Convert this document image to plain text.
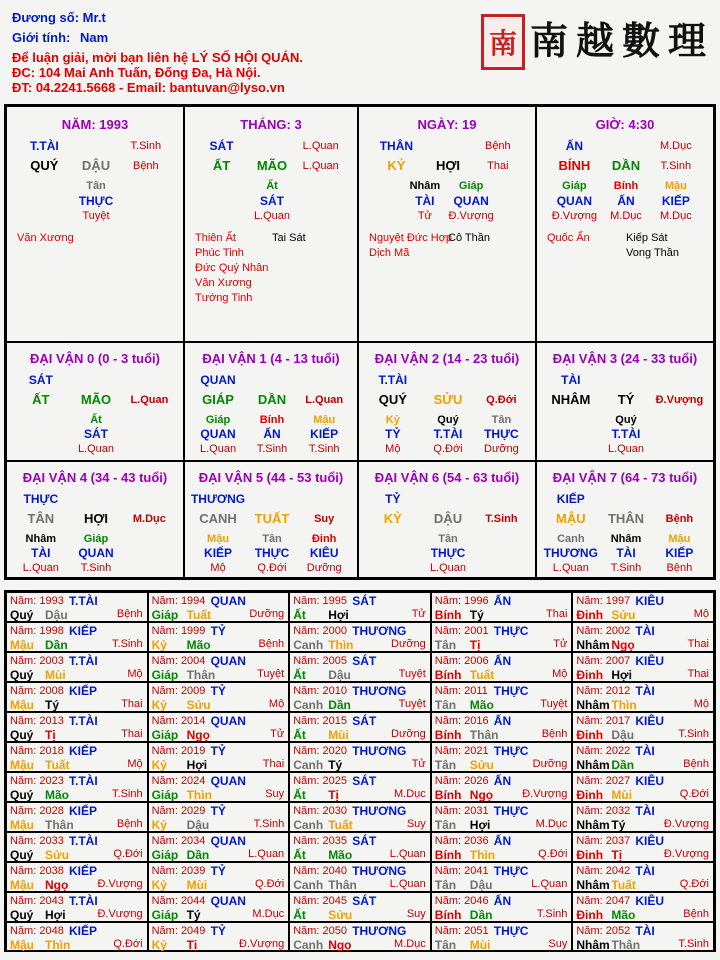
Đương số: Mr.t
Giới tính: Nam
Để luận giải, mời bạn liên hệ LÝ SỐ HỘI QUÁN.
ĐC: 104 Mai Anh Tuấn, Đống Đa, Hà Nội.
ĐT: 04.2241.5668 - Email: bantuvan@lyso.vn
南 南越數理
NĂM: 1993
T.TÀI	T.Sinh
QUÝ DẬU Bệnh
Tân
THỰC
Tuyệt
Văn Xương
THÁNG: 3
SÁT	L.Quan
ẤT MÃO L.Quan
Ất
SÁT
L.Quan
Thiên Ất
Phúc Tinh
Đức Quý Nhân
Văn Xương
Tướng Tinh
Tai Sát
NGÀY: 19
THÂN	Bệnh
KỶ HỢI Thai
Nhâm
TÀI
Tử
Giáp
QUAN
Đ.Vượng
Nguyệt Đức Hợp
Dịch Mã
Cô Thần
GIỜ: 4:30
ẤN	M.Dục
BÍNH DẦN T.Sinh
Giáp
QUAN
Đ.Vượng
Bính
ẤN
M.Dục
Mậu
KIẾP
M.Dục
Quốc Ấn	Kiếp Sát
Vong Thần
ĐẠI VẬN 0 (0 - 3 tuổi)
SÁT
ẤT MÃO L.Quan
Ất
SÁT
L.Quan
ĐẠI VẬN 1 (4 - 13 tuổi)
QUAN
GIÁP DẦN L.Quan
Giáp
QUAN
L.Quan
Bính
ẤN
T.Sinh
Mậu
KIẾP
T.Sinh
ĐẠI VẬN 2 (14 - 23 tuổi)
T.TÀI
QUÝ SỬU Q.Đới
Kỷ
TỶ
Mộ
Quý
T.TÀI
Q.Đới
Tân
THỰC
Dưỡng
ĐẠI VẬN 3 (24 - 33 tuổi)
TÀI
NHÂM TÝ Đ.Vượng
Quý
T.TÀI
L.Quan
ĐẠI VẬN 4 (34 - 43 tuổi)
THỰC
TÂN HỢI M.Dục
Nhâm
TÀI
L.Quan
Giáp
QUAN
T.Sinh
ĐẠI VẬN 5 (44 - 53 tuổi)
THƯƠNG
CANH TUẤT Suy
Mậu
KIẾP
Mộ
Tân
THỰC
Q.Đới
Đinh
KIÊU
Dưỡng
ĐẠI VẬN 6 (54 - 63 tuổi)
TỶ
KỶ DẬU T.Sinh
Tân
THỰC
L.Quan
ĐẠI VẬN 7 (64 - 73 tuổi)
KIẾP
MẬU THÂN Bệnh
Canh
THƯƠNG
L.Quan
Nhâm
TÀI
T.Sinh
Mậu
KIẾP
Bệnh
Năm: 1993 T.TÀI
Quý Dậu	Bệnh
Năm: 1994 QUAN
Giáp Tuất	Dưỡng
Năm: 1995 SÁT
Ất Hợi	Tử
Năm: 1996 ẤN
Bính Tý	Thai
Năm: 1997 KIÊU
Đinh Sửu	Mộ
Năm: 1998 KIẾP
Mậu Dần	T.Sinh
Năm: 1999 TỶ
Kỷ Mão	Bệnh
Năm: 2000 THƯƠNG
Canh Thìn	Dưỡng
Năm: 2001 THỰC
Tân Tị	Tử
Năm: 2002 TÀI
Nhâm Ngọ	Thai
Năm: 2003 T.TÀI
Quý Mùi	Mộ
Năm: 2004 QUAN
Giáp Thân	Tuyệt
Năm: 2005 SÁT
Ất Dậu	Tuyệt
Năm: 2006 ẤN
Bính Tuất	Mộ
Năm: 2007 KIÊU
Đinh Hợi	Thai
Năm: 2008 KIẾP
Mậu Tý	Thai
Năm: 2009 TỶ
Kỷ Sửu	Mộ
Năm: 2010 THƯƠNG
Canh Dần	Tuyệt
Năm: 2011 THỰC
Tân Mão	Tuyệt
Năm: 2012 TÀI
Nhâm Thìn	Mộ
Năm: 2013 T.TÀI
Quý Tị	Thai
Năm: 2014 QUAN
Giáp Ngọ	Tử
Năm: 2015 SÁT
Ất Mùi	Dưỡng
Năm: 2016 ẤN
Bính Thân	Bệnh
Năm: 2017 KIÊU
Đinh Dậu	T.Sinh
Năm: 2018 KIẾP
Mậu Tuất	Mộ
Năm: 2019 TỶ
Kỷ Hợi	Thai
Năm: 2020 THƯƠNG
Canh Tý	Tử
Năm: 2021 THỰC
Tân Sửu	Dưỡng
Năm: 2022 TÀI
Nhâm Dần	Bệnh
Năm: 2023 T.TÀI
Quý Mão	T.Sinh
Năm: 2024 QUAN
Giáp Thìn	Suy
Năm: 2025 SÁT
Ất Tị	M.Dục
Năm: 2026 ẤN
Bính Ngọ	Đ.Vượng
Năm: 2027 KIÊU
Đinh Mùi	Q.Đới
Năm: 2028 KIẾP
Mậu Thân	Bệnh
Năm: 2029 TỶ
Kỷ Dậu	T.Sinh
Năm: 2030 THƯƠNG
Canh Tuất	Suy
Năm: 2031 THỰC
Tân Hợi	M.Dục
Năm: 2032 TÀI
Nhâm Tý	Đ.Vượng
Năm: 2033 T.TÀI
Quý Sửu	Q.Đới
Năm: 2034 QUAN
Giáp Dần	L.Quan
Năm: 2035 SÁT
Ất Mão	L.Quan
Năm: 2036 ẤN
Bính Thìn	Q.Đới
Năm: 2037 KIÊU
Đinh Tị	Đ.Vượng
Năm: 2038 KIẾP
Mậu Ngọ	Đ.Vượng
Năm: 2039 TỶ
Kỷ Mùi	Q.Đới
Năm: 2040 THƯƠNG
Canh Thân	L.Quan
Năm: 2041 THỰC
Tân Dậu	L.Quan
Năm: 2042 TÀI
Nhâm Tuất	Q.Đới
Năm: 2043 T.TÀI
Quý Hợi	Đ.Vượng
Năm: 2044 QUAN
Giáp Tý	M.Dục
Năm: 2045 SÁT
Ất Sửu	Suy
Năm: 2046 ẤN
Bính Dần	T.Sinh
Năm: 2047 KIÊU
Đinh Mão	Bệnh
Năm: 2048 KIẾP
Mậu Thìn	Q.Đới
Năm: 2049 TỶ
Kỷ Tị	Đ.Vượng
Năm: 2050 THƯƠNG
Canh Ngọ	M.Dục
Năm: 2051 THỰC
Tân Mùi	Suy
Năm: 2052 TÀI
Nhâm Thân	T.Sinh
